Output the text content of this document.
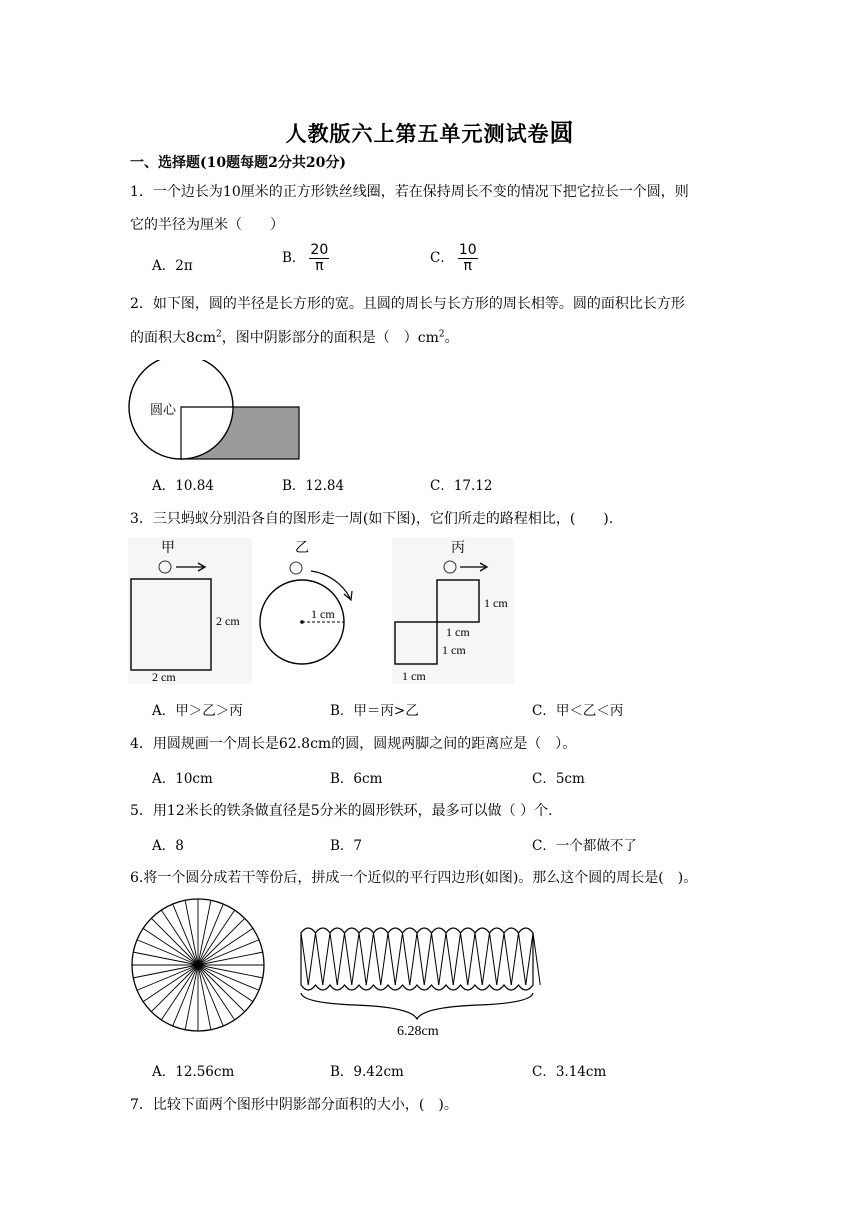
人教版六上第五单元测试卷圆
一、选择题(10题每题2分共20分)
1．一个边长为10厘米的正方形铁丝线圈，若在保持周长不变的情况下把它拉长一个圆，则
它的半径为厘米（　　）
A．2π	B． $\frac{20}{\pi}$	C． $\frac{10}{\pi}$
2．如下图，圆的半径是长方形的宽。且圆的周长与长方形的周长相等。圆的面积比长方形
的面积大$8cm^2$，图中阴影部分的面积是（　）$cm^2$。
圆心
A．10.84	B．12.84	C．17.12
3．三只蚂蚁分别沿各自的图形走一周(如下图)，它们所走的路程相比，(　　).
甲
2 cm
2 cm
乙
1 cm
丙
1 cm
1 cm
1 cm
1 cm
A．甲＞乙＞丙	B．甲＝丙>乙	C．甲＜乙＜丙
4．用圆规画一个周长是62.8cm的圆，圆规两脚之间的距离应是（　）。
A．10cm	B．6cm	C．5cm
5．用12米长的铁条做直径是5分米的圆形铁环，最多可以做（ ）个.
A．8	B．7	C．一个都做不了
6.将一个圆分成若干等份后，拼成一个近似的平行四边形(如图)。那么这个圆的周长是(　)。
6.28cm
A．12.56cm	B．9.42cm	C．3.14cm
7．比较下面两个图形中阴影部分面积的大小，(　)。
